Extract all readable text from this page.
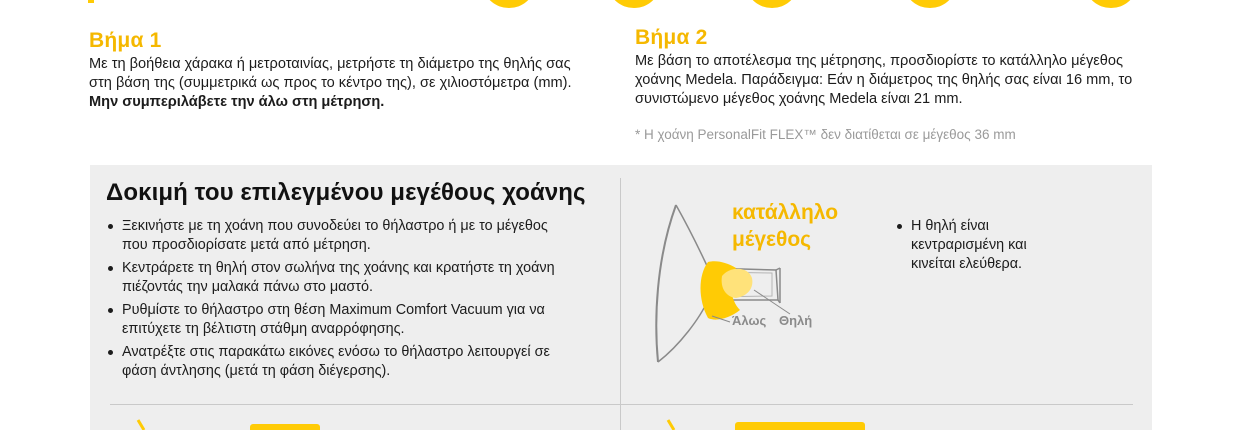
Βήμα 1

Με τη βοήθεια χάρακα ή μετροταινίας, μετρήστε τη διάμετρο της θηλής σας στη βάση της (συμμετρικά ως προς το κέντρο της), σε χιλιοστόμετρα (mm). Μην συμπεριλάβετε την άλω στη μέτρηση.

Βήμα 2

Με βάση το αποτέλεσμα της μέτρησης, προσδιορίστε το κατάλληλο μέγεθος χοάνης Medela. Παράδειγμα: Εάν η διάμετρος της θηλής σας είναι 16 mm, το συνιστώμενο μέγεθος χοάνης Medela είναι 21 mm.

* Η χοάνη PersonalFit FLEX™ δεν διατίθεται σε μέγεθος 36 mm
Δοκιμή του επιλεγμένου μεγέθους χοάνης
Ξεκινήστε με τη χοάνη που συνοδεύει το θήλαστρο ή με το μέγεθος που προσδιορίσατε μετά από μέτρηση.
Κεντράρετε τη θηλή στον σωλήνα της χοάνης και κρατήστε τη χοάνη πιέζοντάς την μαλακά πάνω στο μαστό.
Ρυθμίστε το θήλαστρο στη θέση Maximum Comfort Vacuum για να επιτύχετε τη βέλτιστη στάθμη αναρρόφησης.
Ανατρέξτε στις παρακάτω εικόνες ενόσω το θήλαστρο λειτουργεί σε φάση άντλησης (μετά τη φάση διέγερσης).
Άλως Θηλή
κατάλληλο
μέγεθος
Η θηλή είναι κεντραρισμένη και κινείται ελεύθερα.
